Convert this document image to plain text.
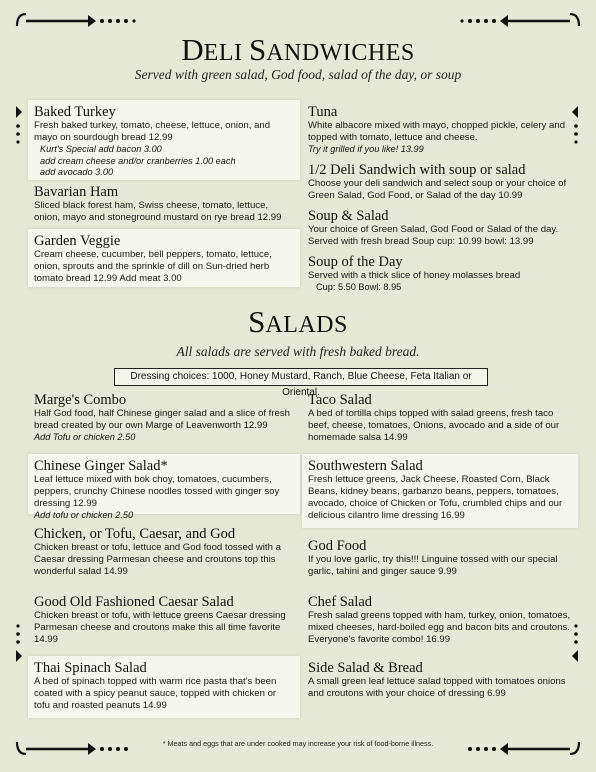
DELI SANDWICHES
Served with green salad, God food, salad of the day, or soup
Baked Turkey
Fresh baked turkey, tomato, cheese, lettuce, onion, and mayo on sourdough bread 12.99
Kurt's Special add bacon 3.00
add cream cheese and/or cranberries 1.00 each
add avocado 3.00
Bavarian Ham
Sliced black forest ham, Swiss cheese, tomato, lettuce, onion, mayo and stoneground mustard on rye bread 12.99
Garden Veggie
Cream cheese, cucumber, bell peppers, tomato, lettuce, onion, sprouts and the sprinkle of dill on Sun-dried herb tomato bread 12.99 Add meat 3.00
Tuna
White albacore mixed with mayo, chopped pickle, celery and topped with tomato, lettuce and cheese.
Try it grilled if you like! 13.99
1/2 Deli Sandwich with soup or salad
Choose your deli sandwich and select soup or your choice of Green Salad, God Food, or Salad of the day 10.99
Soup & Salad
Your choice of Green Salad, God Food or Salad of the day. Served with fresh bread Soup cup: 10.99 bowl: 13.99
Soup of the Day
Served with a thick slice of honey molasses bread
Cup: 5.50 Bowl: 8.95
SALADS
All salads are served with fresh baked bread.
Dressing choices: 1000, Honey Mustard, Ranch, Blue Cheese, Feta Italian or Oriental.
Marge's Combo
Half God food, half Chinese ginger salad and a slice of fresh bread created by our own Marge of Leavenworth 12.99
Add Tofu or chicken 2.50
Chinese Ginger Salad*
Leaf lettuce mixed with bok choy, tomatoes, cucumbers, peppers, crunchy Chinese noodles tossed with ginger soy dressing 12.99
Add tofu or chicken 2.50
Chicken, or Tofu, Caesar, and God
Chicken breast or tofu, lettuce and God food tossed with a Caesar dressing Parmesan cheese and croutons top this wonderful salad 14.99
Good Old Fashioned Caesar Salad
Chicken breast or tofu, with lettuce greens Caesar dressing Parmesan cheese and croutons make this all time favorite 14.99
Thai Spinach Salad
A bed of spinach topped with warm rice pasta that's been coated with a spicy peanut sauce, topped with chicken or tofu and roasted peanuts 14.99
Taco Salad
A bed of tortilla chips topped with salad greens, fresh taco beef, cheese, tomatoes, Onions, avocado and a side of our homemade salsa 14.99
Southwestern Salad
Fresh lettuce greens, Jack Cheese, Roasted Corn, Black Beans, kidney beans, garbanzo beans, peppers, tomatoes, avocado, choice of Chicken or Tofu, crumbled chips and our delicious cilantro lime dressing 16.99
God Food
If you love garlic, try this!!! Linguine tossed with our special garlic, tahini and ginger sauce 9.99
Chef Salad
Fresh salad greens topped with ham, turkey, onion, tomatoes, mixed cheeses, hard-boiled egg and bacon bits and croutons. Everyone's favorite combo! 16.99
Side Salad & Bread
A small green leaf lettuce salad topped with tomatoes onions and croutons with your choice of dressing 6.99
* Meats and eggs that are under cooked may increase your risk of food-borne illness.
